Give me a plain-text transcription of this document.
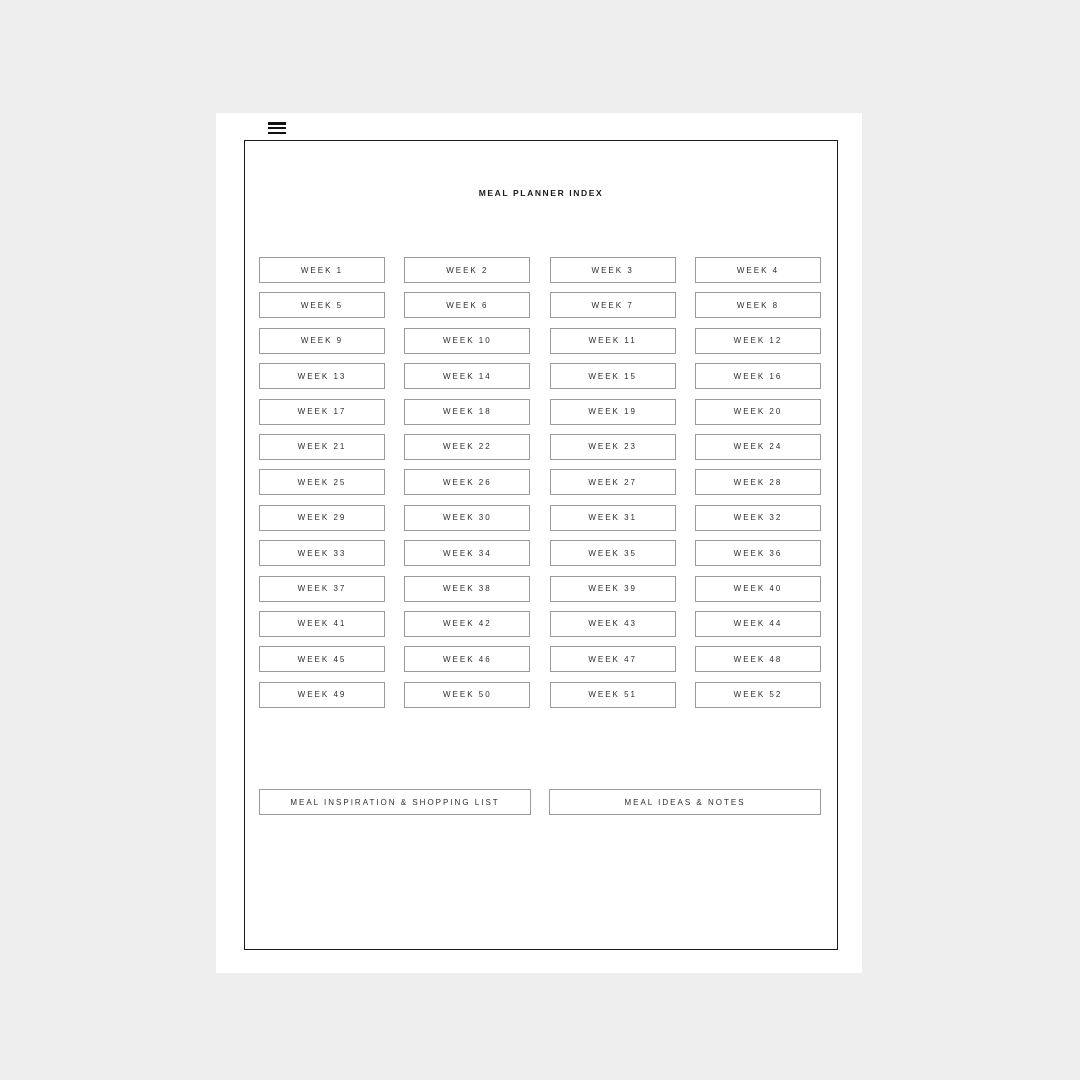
MEAL PLANNER INDEX
WEEK 1	WEEK 2	WEEK 3	WEEK 4
WEEK 5	WEEK 6	WEEK 7	WEEK 8
WEEK 9	WEEK 10	WEEK 11	WEEK 12
WEEK 13	WEEK 14	WEEK 15	WEEK 16
WEEK 17	WEEK 18	WEEK 19	WEEK 20
WEEK 21	WEEK 22	WEEK 23	WEEK 24
WEEK 25	WEEK 26	WEEK 27	WEEK 28
WEEK 29	WEEK 30	WEEK 31	WEEK 32
WEEK 33	WEEK 34	WEEK 35	WEEK 36
WEEK 37	WEEK 38	WEEK 39	WEEK 40
WEEK 41	WEEK 42	WEEK 43	WEEK 44
WEEK 45	WEEK 46	WEEK 47	WEEK 48
WEEK 49	WEEK 50	WEEK 51	WEEK 52
MEAL INSPIRATION & SHOPPING LIST	MEAL IDEAS & NOTES
